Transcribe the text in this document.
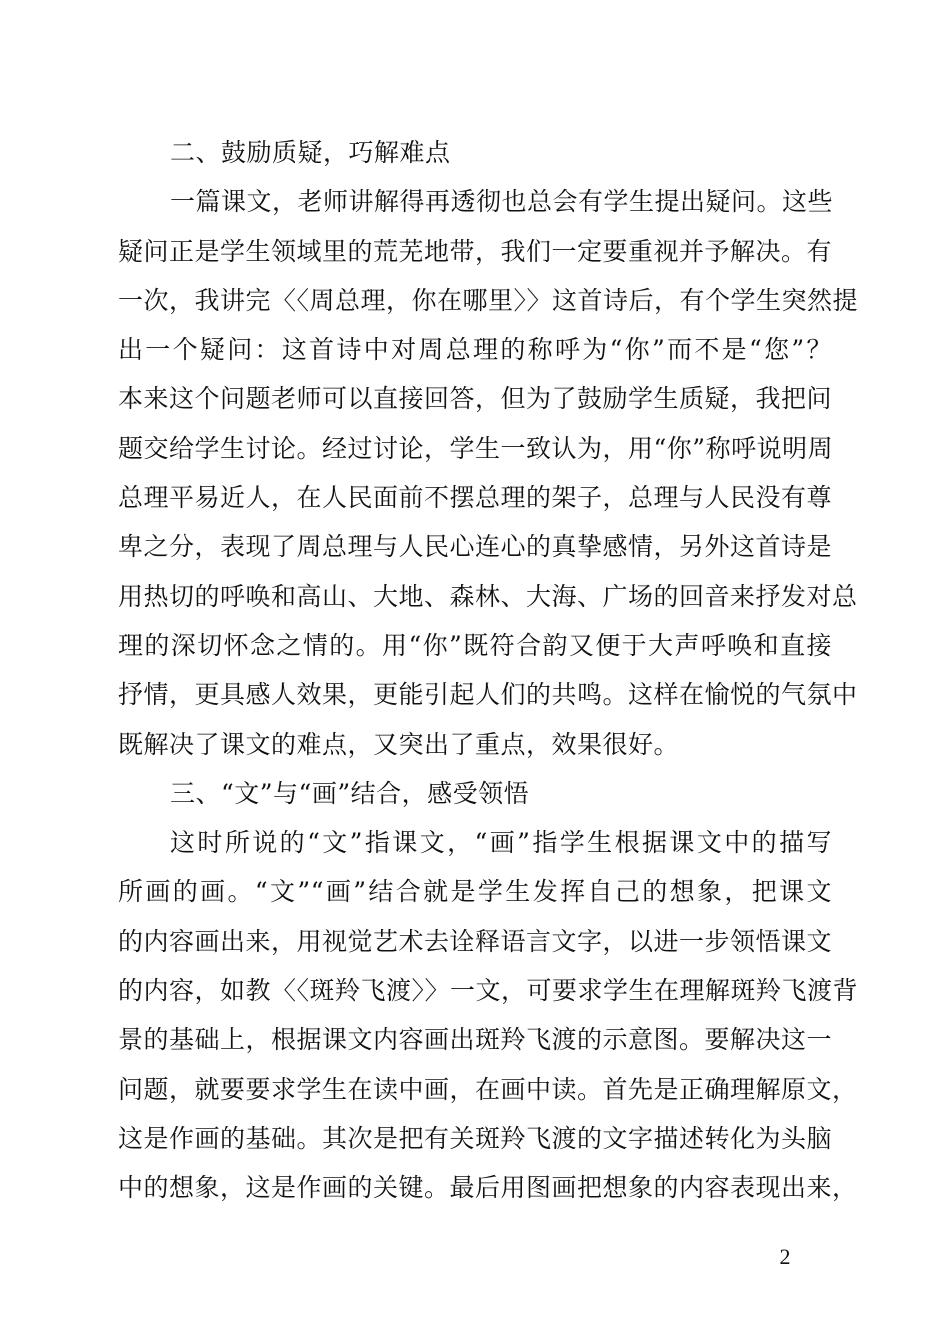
二、鼓励质疑，巧解难点
一篇课文，老师讲解得再透彻也总会有学生提出疑问。这些
疑问正是学生领域里的荒芜地带，我们一定要重视并予解决。有
一次，我讲完〈〈周总理，你在哪里〉〉这首诗后，有个学生突然提
出一个疑问：这首诗中对周总理的称呼为“你”而不是“您”？
本来这个问题老师可以直接回答，但为了鼓励学生质疑，我把问
题交给学生讨论。经过讨论，学生一致认为，用“你”称呼说明周
总理平易近人，在人民面前不摆总理的架子，总理与人民没有尊
卑之分，表现了周总理与人民心连心的真挚感情，另外这首诗是
用热切的呼唤和高山、大地、森林、大海、广场的回音来抒发对总
理的深切怀念之情的。用“你”既符合韵又便于大声呼唤和直接
抒情，更具感人效果，更能引起人们的共鸣。这样在愉悦的气氛中
既解决了课文的难点，又突出了重点，效果很好。
三、“文”与“画”结合，感受领悟
这时所说的“文”指课文，“画”指学生根据课文中的描写
所画的画。“文”“画”结合就是学生发挥自己的想象，把课文
的内容画出来，用视觉艺术去诠释语言文字，以进一步领悟课文
的内容，如教〈〈斑羚飞渡〉〉一文，可要求学生在理解斑羚飞渡背
景的基础上，根据课文内容画出斑羚飞渡的示意图。要解决这一
问题，就要要求学生在读中画，在画中读。首先是正确理解原文，
这是作画的基础。其次是把有关斑羚飞渡的文字描述转化为头脑
中的想象，这是作画的关键。最后用图画把想象的内容表现出来，
2
